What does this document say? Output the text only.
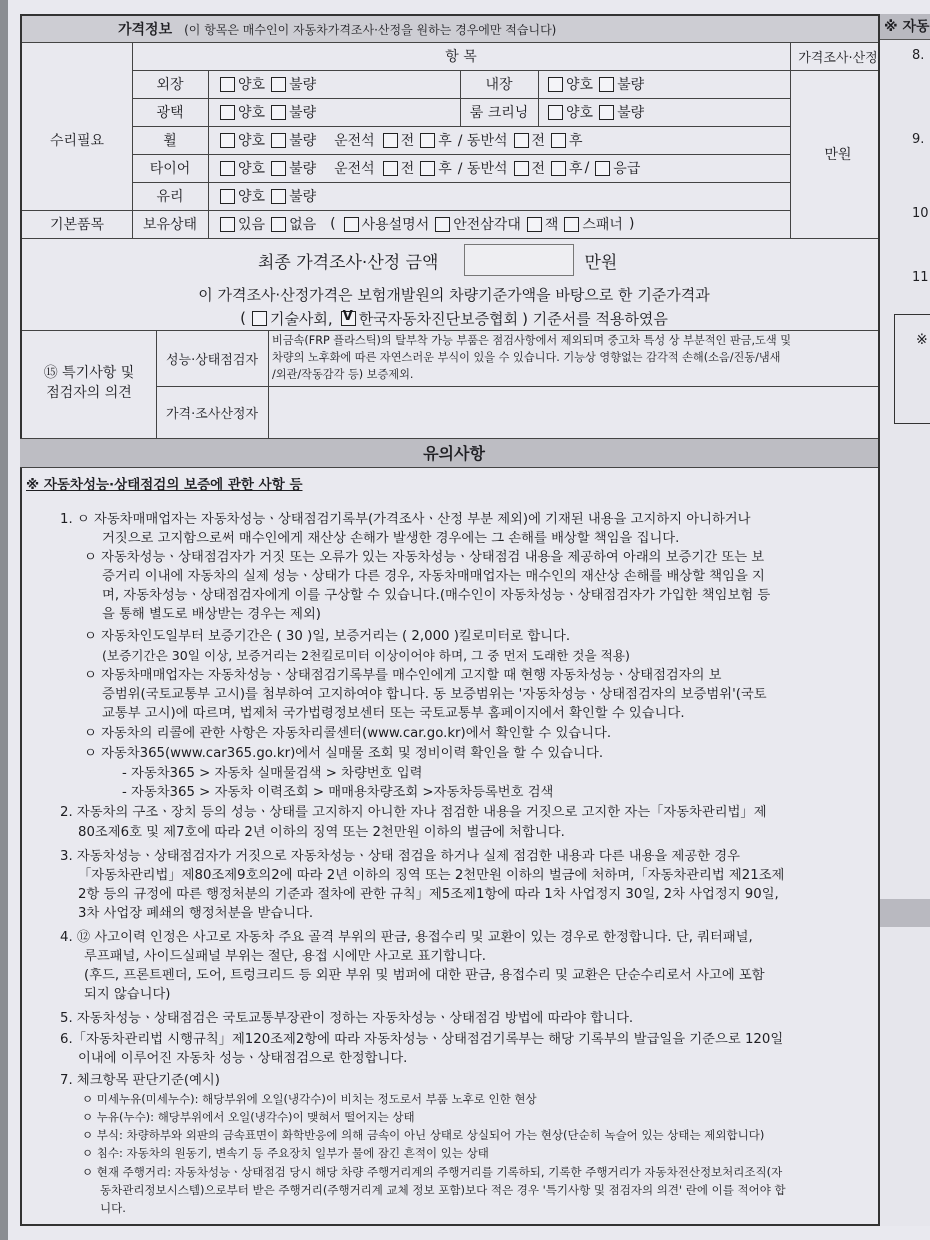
가격정보 (이 항목은 매수인이 자동차가격조사·산정을 원하는 경우에만 적습니다)
항 목	가격조사·산정
수리필요
기본품목
만원
외장
광택
휠
타이어
유리
보유상태
내장
룸 크리닝
양호 불량	양호 불량
양호 불량	양호 불량
양호 불량 운전석 전 후 / 동반석 전 후
양호 불량 운전석 전 후 / 동반석 전 후 / 응급
양호 불량
있음 없음 ( 사용설명서 안전삼각대 잭 스패너 )
최종 가격조사·산정 금액	만원
이 가격조사·산정가격은 보험개발원의 차량기준가액을 바탕으로 한 기준가격과
( 기술사회,
V 한국자동차진단보증협회 ) 기준서를 적용하였음
⑮ 특기사항 및
점검자의 의견
성능·상태점검자
비금속(FRP 플라스틱)의 탈부착 가능 부품은 점검사항에서 제외되며 중고차 특성 상 부분적인 판금,도색 및
차량의 노후화에 따른 자연스러운 부식이 있을 수 있습니다. 기능상 영향없는 감각적 손해(소음/진동/냄새
/외관/작동감각 등) 보증제외.
가격·조사산정자
유의사항
※ 자동차성능·상태점검의 보증에 관한 사항 등
1. ㅇ 자동차매매업자는 자동차성능ㆍ상태점검기록부(가격조사ㆍ산정 부분 제외)에 기재된 내용을 고지하지 아니하거나
거짓으로 고지함으로써 매수인에게 재산상 손해가 발생한 경우에는 그 손해를 배상할 책임을 집니다.
ㅇ 자동차성능ㆍ상태점검자가 거짓 또는 오류가 있는 자동차성능ㆍ상태점검 내용을 제공하여 아래의 보증기간 또는 보
증거리 이내에 자동차의 실제 성능ㆍ상태가 다른 경우, 자동차매매업자는 매수인의 재산상 손해를 배상할 책임을 지
며, 자동차성능ㆍ상태점검자에게 이를 구상할 수 있습니다.(매수인이 자동차성능ㆍ상태점검자가 가입한 책임보험 등
을 통해 별도로 배상받는 경우는 제외)
ㅇ 자동차인도일부터 보증기간은 ( 30 )일, 보증거리는 ( 2,000 )킬로미터로 합니다.
(보증기간은 30일 이상, 보증거리는 2천킬로미터 이상이어야 하며, 그 중 먼저 도래한 것을 적용)
ㅇ 자동차매매업자는 자동차성능ㆍ상태점검기록부를 매수인에게 고지할 때 현행 자동차성능ㆍ상태점검자의 보
증범위(국토교통부 고시)를 첨부하여 고지하여야 합니다. 동 보증범위는 '자동차성능ㆍ상태점검자의 보증범위'(국토
교통부 고시)에 따르며, 법제처 국가법령정보센터 또는 국토교통부 홈페이지에서 확인할 수 있습니다.
ㅇ 자동차의 리콜에 관한 사항은 자동차리콜센터(www.car.go.kr)에서 확인할 수 있습니다.
ㅇ 자동차365(www.car365.go.kr)에서 실매물 조회 및 정비이력 확인을 할 수 있습니다.
- 자동차365 > 자동차 실매물검색 > 차량번호 입력
- 자동차365 > 자동차 이력조회 > 매매용차량조회 >자동차등록번호 검색
2. 자동차의 구조ㆍ장치 등의 성능ㆍ상태를 고지하지 아니한 자나 점검한 내용을 거짓으로 고지한 자는「자동차관리법」제
80조제6호 및 제7호에 따라 2년 이하의 징역 또는 2천만원 이하의 벌금에 처합니다.
3. 자동차성능ㆍ상태점검자가 거짓으로 자동차성능ㆍ상태 점검을 하거나 실제 점검한 내용과 다른 내용을 제공한 경우
「자동차관리법」제80조제9호의2에 따라 2년 이하의 징역 또는 2천만원 이하의 벌금에 처하며,「자동차관리법 제21조제
2항 등의 규정에 따른 행정처분의 기준과 절차에 관한 규칙」제5조제1항에 따라 1차 사업정지 30일, 2차 사업정지 90일,
3차 사업장 폐쇄의 행정처분을 받습니다.
4. ⑫ 사고이력 인정은 사고로 자동차 주요 골격 부위의 판금, 용접수리 및 교환이 있는 경우로 한정합니다. 단, 쿼터패널,
루프패널, 사이드실패널 부위는 절단, 용접 시에만 사고로 표기합니다.
(후드, 프론트펜더, 도어, 트렁크리드 등 외판 부위 및 범퍼에 대한 판금, 용접수리 및 교환은 단순수리로서 사고에 포함
되지 않습니다)
5. 자동차성능ㆍ상태점검은 국토교통부장관이 정하는 자동차성능ㆍ상태점검 방법에 따라야 합니다.
6.「자동차관리법 시행규칙」제120조제2항에 따라 자동차성능ㆍ상태점검기록부는 해당 기록부의 발급일을 기준으로 120일
이내에 이루어진 자동차 성능ㆍ상태점검으로 한정합니다.
7. 체크항목 판단기준(예시)
ㅇ 미세누유(미세누수): 해당부위에 오일(냉각수)이 비치는 정도로서 부품 노후로 인한 현상
ㅇ 누유(누수): 해당부위에서 오일(냉각수)이 맺혀서 떨어지는 상태
ㅇ 부식: 차량하부와 외판의 금속표면이 화학반응에 의해 금속이 아닌 상태로 상실되어 가는 현상(단순히 녹슬어 있는 상태는 제외합니다)
ㅇ 침수: 자동차의 원동기, 변속기 등 주요장치 일부가 물에 잠긴 흔적이 있는 상태
ㅇ 현재 주행거리: 자동차성능ㆍ상태점검 당시 해당 차량 주행거리계의 주행거리를 기록하되, 기록한 주행거리가 자동차전산정보처리조직(자
동차관리정보시스템)으로부터 받은 주행거리(주행거리계 교체 정보 포함)보다 적은 경우 '특기사항 및 점검자의 의견' 란에 이를 적어야 합
니다.
※ 자동
8.
9.
10
11
※
